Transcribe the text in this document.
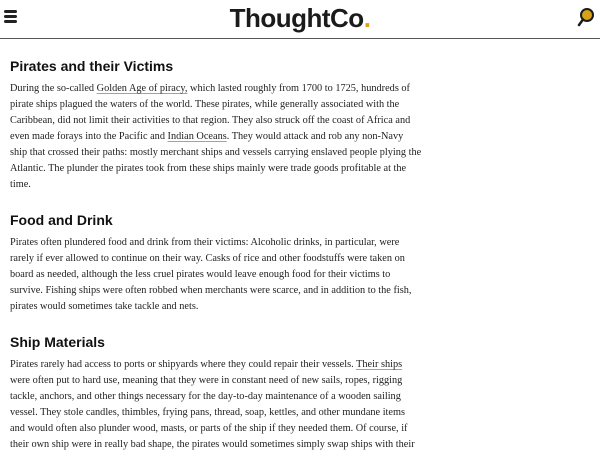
ThoughtCo.
Pirates and their Victims

During the so-called Golden Age of piracy, which lasted roughly from 1700 to 1725, hundreds of pirate ships plagued the waters of the world. These pirates, while generally associated with the Caribbean, did not limit their activities to that region. They also struck off the coast of Africa and even made forays into the Pacific and Indian Oceans. They would attack and rob any non-Navy ship that crossed their paths: mostly merchant ships and vessels carrying enslaved people plying the Atlantic. The plunder the pirates took from these ships mainly were trade goods profitable at the time.

Food and Drink

Pirates often plundered food and drink from their victims: Alcoholic drinks, in particular, were rarely if ever allowed to continue on their way. Casks of rice and other foodstuffs were taken on board as needed, although the less cruel pirates would leave enough food for their victims to survive. Fishing ships were often robbed when merchants were scarce, and in addition to the fish, pirates would sometimes take tackle and nets.

Ship Materials

Pirates rarely had access to ports or shipyards where they could repair their vessels. Their ships were often put to hard use, meaning that they were in constant need of new sails, ropes, rigging tackle, anchors, and other things necessary for the day-to-day maintenance of a wooden sailing vessel. They stole candles, thimbles, frying pans, thread, soap, kettles, and other mundane items and would often also plunder wood, masts, or parts of the ship if they needed them. Of course, if their own ship were in really bad shape, the pirates would sometimes simply swap ships with their
